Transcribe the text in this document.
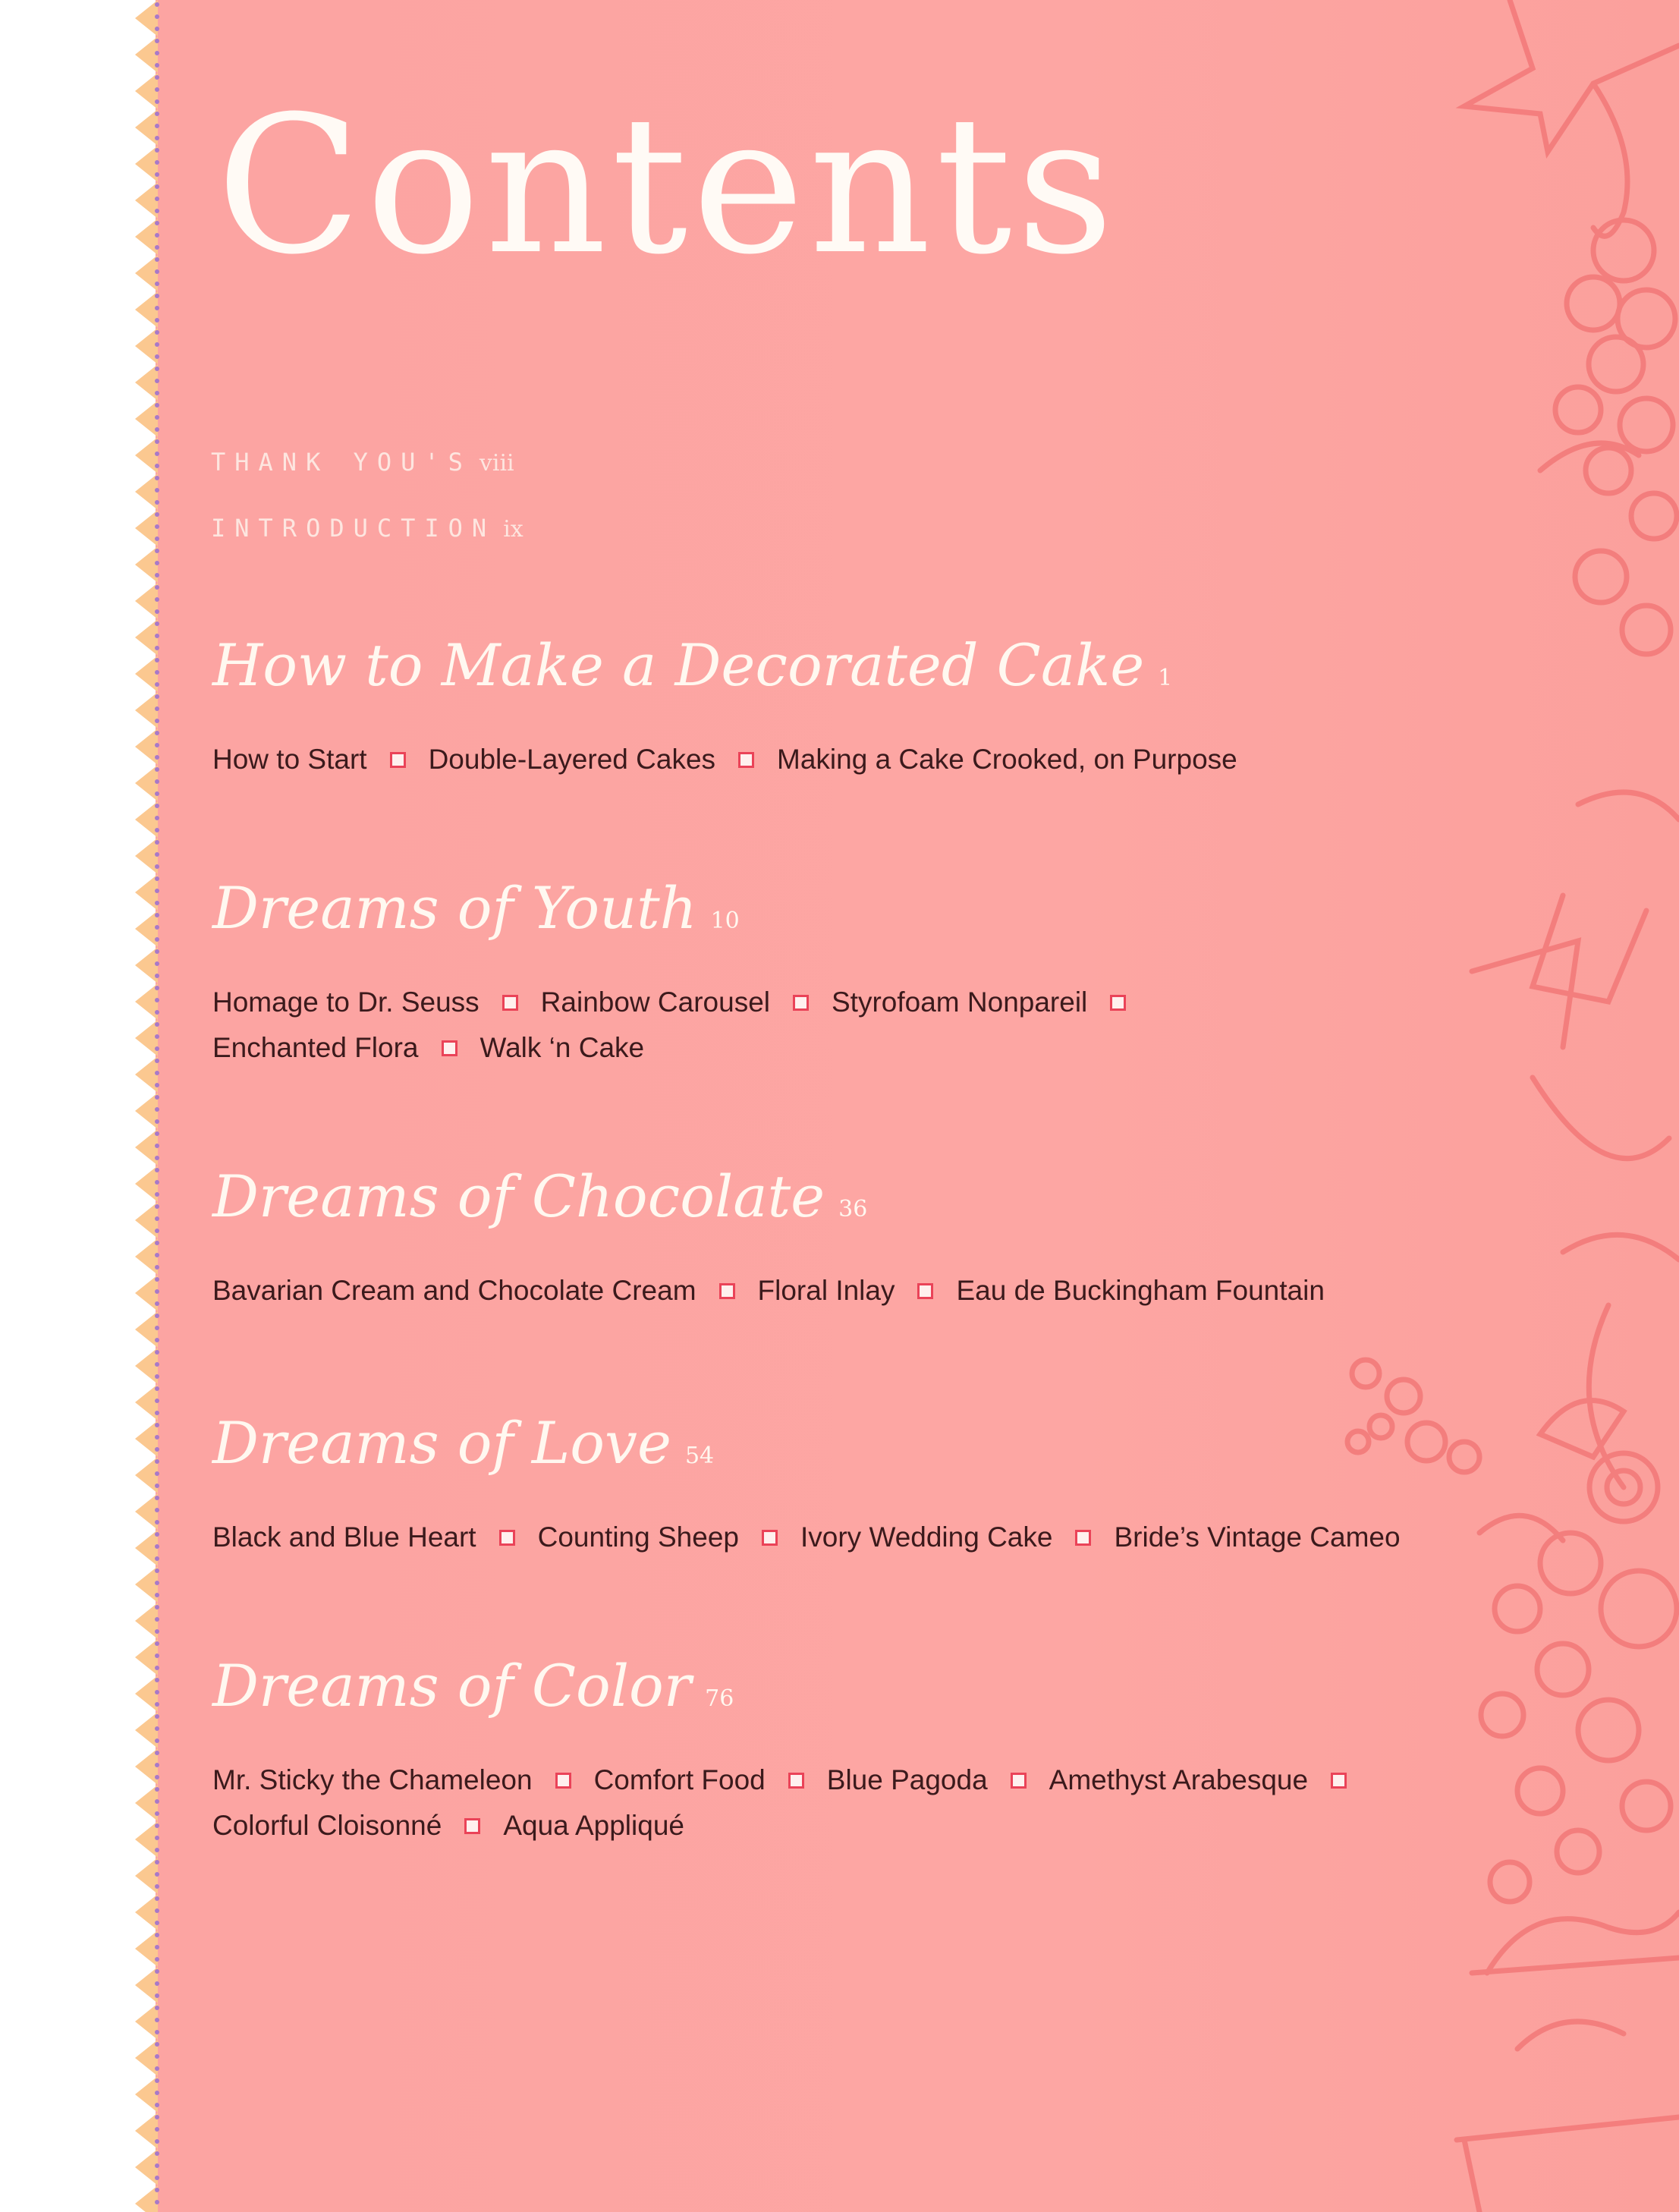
Contents
THANK YOU'S viii
INTRODUCTION ix
How to Make a Decorated Cake 1
How to Start Double-Layered Cakes Making a Cake Crooked, on Purpose
Dreams of Youth 10
Homage to Dr. Seuss Rainbow Carousel Styrofoam Nonpareil
Enchanted Flora Walk ‘n Cake
Dreams of Chocolate 36
Bavarian Cream and Chocolate Cream Floral Inlay Eau de Buckingham Fountain
Dreams of Love 54
Black and Blue Heart Counting Sheep Ivory Wedding Cake Bride’s Vintage Cameo
Dreams of Color 76
Mr. Sticky the Chameleon Comfort Food Blue Pagoda Amethyst Arabesque
Colorful Cloisonné Aqua Appliqué
